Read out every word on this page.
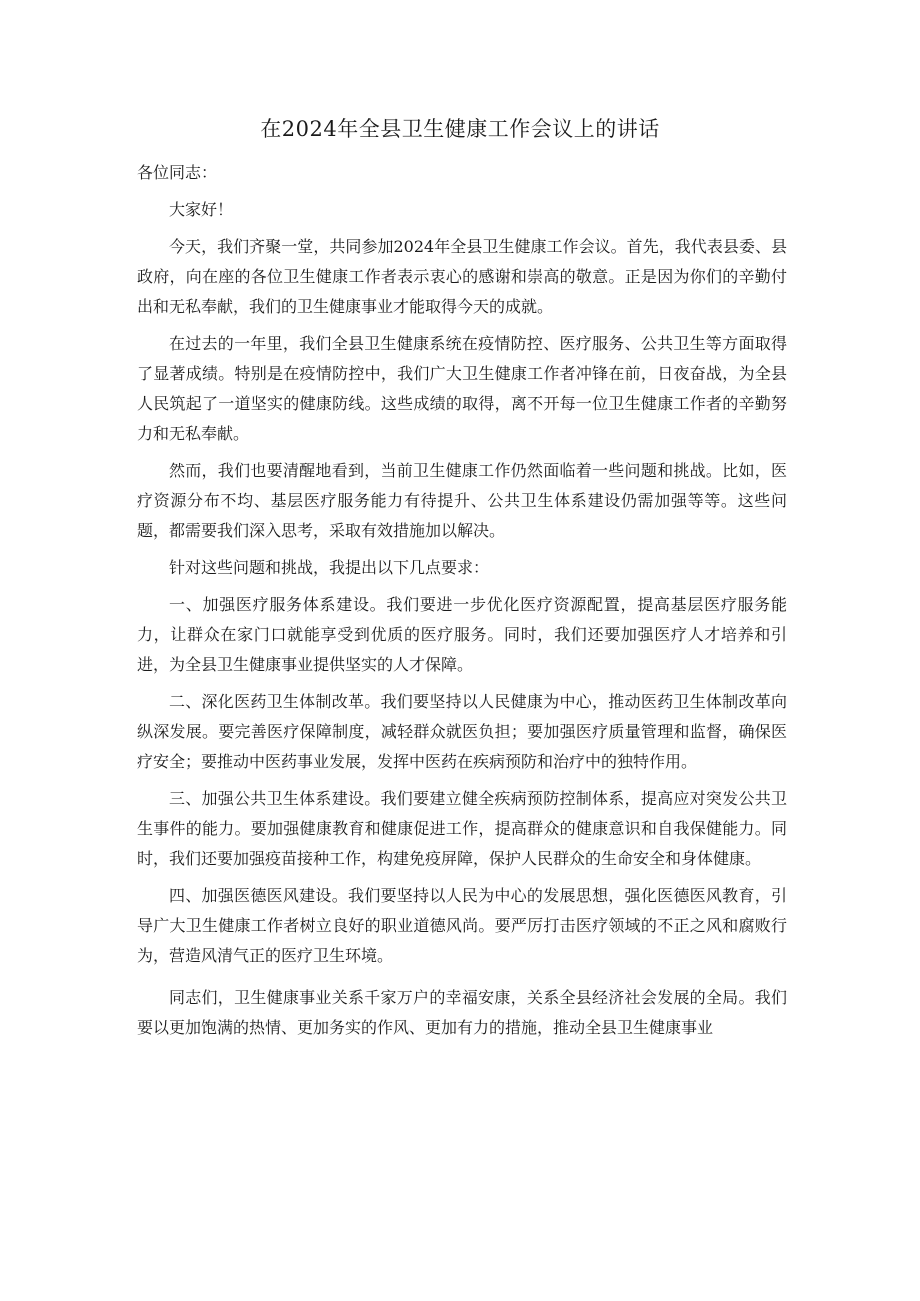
在2024年全县卫生健康工作会议上的讲话

各位同志：

大家好！

今天，我们齐聚一堂，共同参加2024年全县卫生健康工作会议。首先，我代表县委、县政府，向在座的各位卫生健康工作者表示衷心的感谢和崇高的敬意。正是因为你们的辛勤付出和无私奉献，我们的卫生健康事业才能取得今天的成就。

在过去的一年里，我们全县卫生健康系统在疫情防控、医疗服务、公共卫生等方面取得了显著成绩。特别是在疫情防控中，我们广大卫生健康工作者冲锋在前，日夜奋战，为全县人民筑起了一道坚实的健康防线。这些成绩的取得，离不开每一位卫生健康工作者的辛勤努力和无私奉献。

然而，我们也要清醒地看到，当前卫生健康工作仍然面临着一些问题和挑战。比如，医疗资源分布不均、基层医疗服务能力有待提升、公共卫生体系建设仍需加强等等。这些问题，都需要我们深入思考，采取有效措施加以解决。

针对这些问题和挑战，我提出以下几点要求：

一、加强医疗服务体系建设。我们要进一步优化医疗资源配置，提高基层医疗服务能力，让群众在家门口就能享受到优质的医疗服务。同时，我们还要加强医疗人才培养和引进，为全县卫生健康事业提供坚实的人才保障。

二、深化医药卫生体制改革。我们要坚持以人民健康为中心，推动医药卫生体制改革向纵深发展。要完善医疗保障制度，减轻群众就医负担；要加强医疗质量管理和监督，确保医疗安全；要推动中医药事业发展，发挥中医药在疾病预防和治疗中的独特作用。

三、加强公共卫生体系建设。我们要建立健全疾病预防控制体系，提高应对突发公共卫生事件的能力。要加强健康教育和健康促进工作，提高群众的健康意识和自我保健能力。同时，我们还要加强疫苗接种工作，构建免疫屏障，保护人民群众的生命安全和身体健康。

四、加强医德医风建设。我们要坚持以人民为中心的发展思想，强化医德医风教育，引导广大卫生健康工作者树立良好的职业道德风尚。要严厉打击医疗领域的不正之风和腐败行为，营造风清气正的医疗卫生环境。

同志们，卫生健康事业关系千家万户的幸福安康，关系全县经济社会发展的全局。我们要以更加饱满的热情、更加务实的作风、更加有力的措施，推动全县卫生健康事业
